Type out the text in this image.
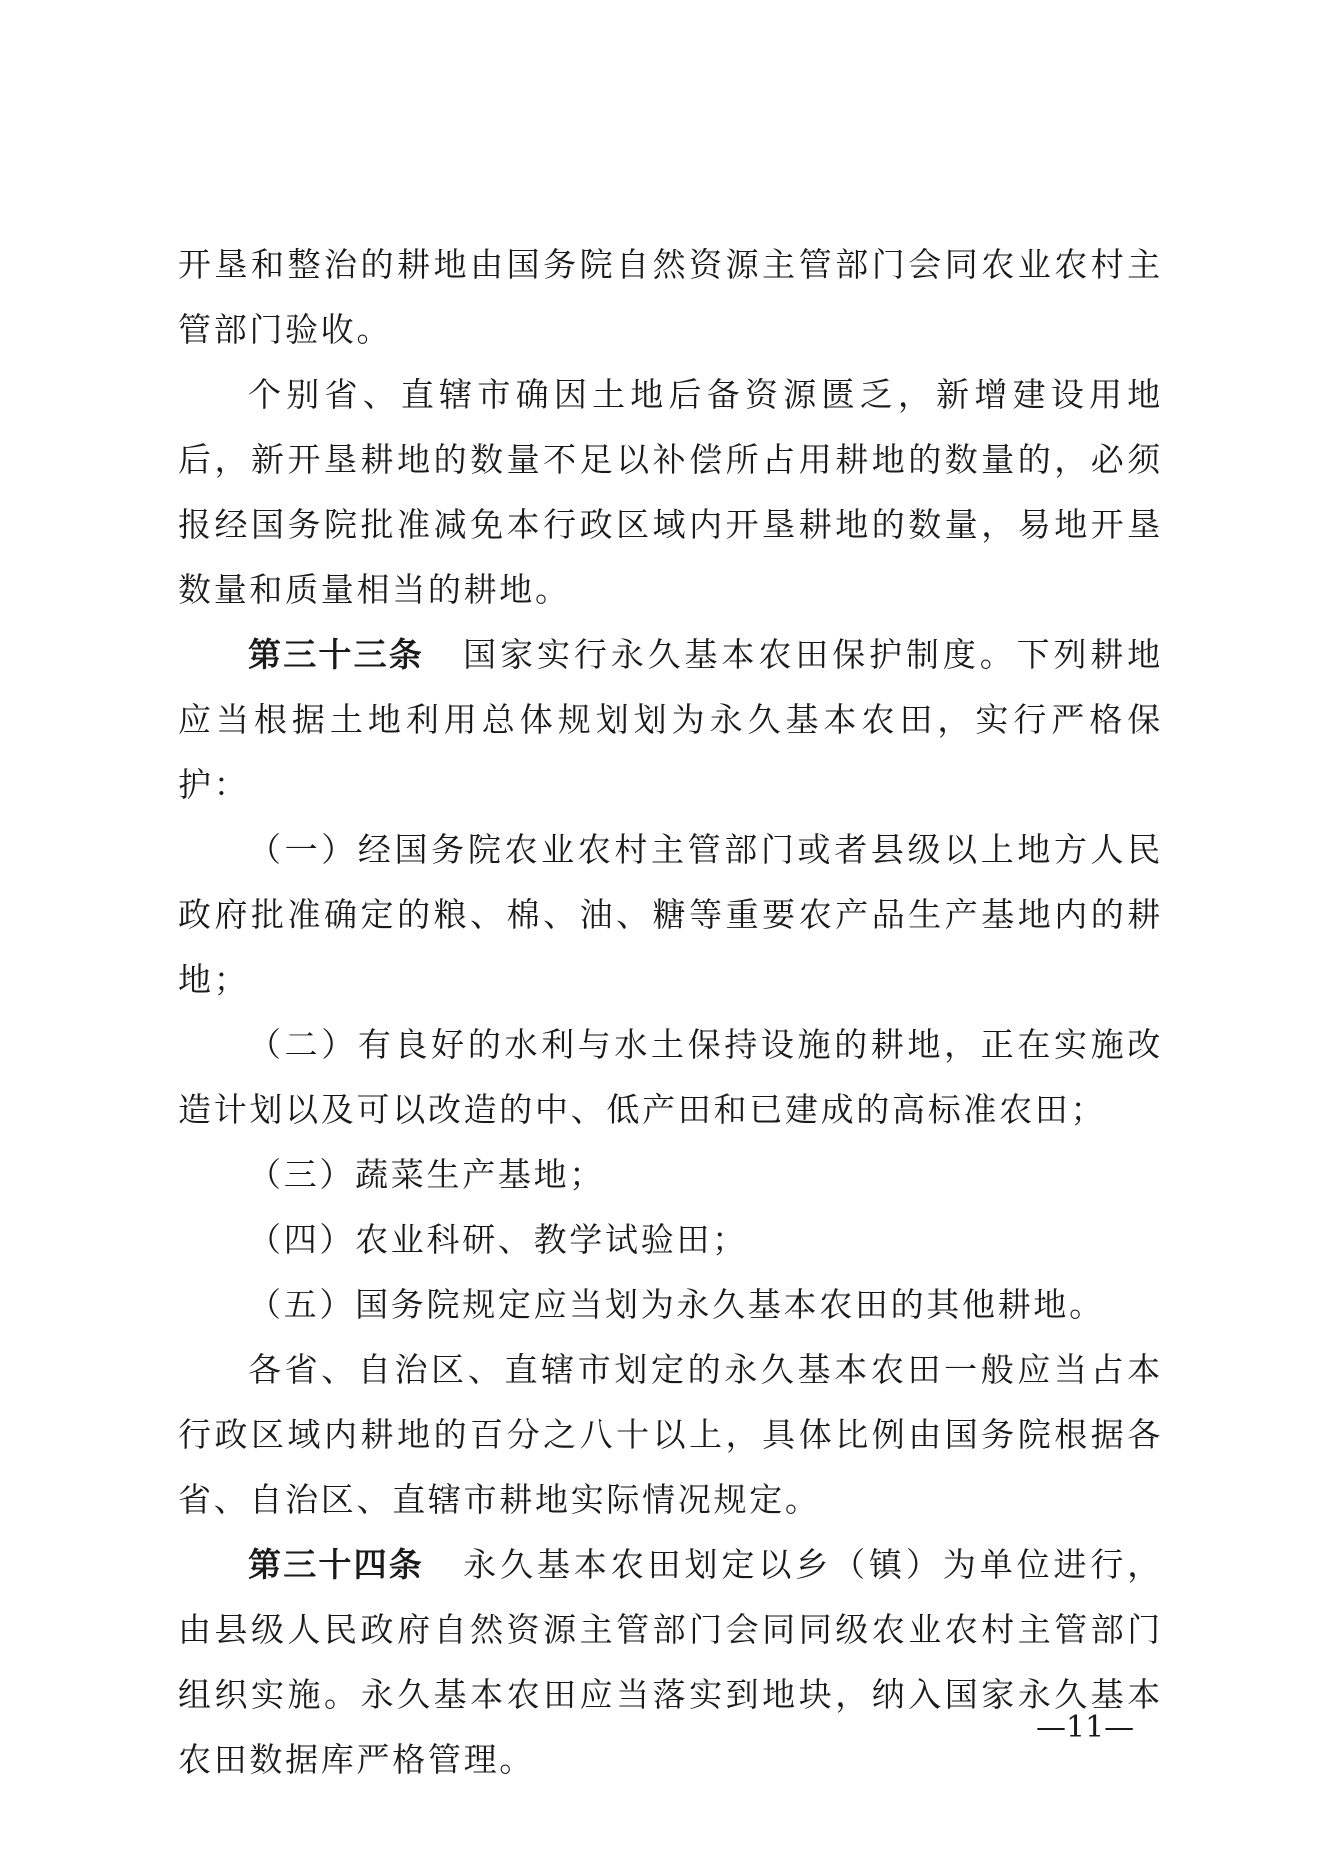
开垦和整治的耕地由国务院自然资源主管部门会同农业农村主管部门验收。

个别省、直辖市确因土地后备资源匮乏，新增建设用地后，新开垦耕地的数量不足以补偿所占用耕地的数量的，必须报经国务院批准减免本行政区域内开垦耕地的数量，易地开垦数量和质量相当的耕地。

第三十三条 国家实行永久基本农田保护制度。下列耕地应当根据土地利用总体规划划为永久基本农田，实行严格保护：

（一）经国务院农业农村主管部门或者县级以上地方人民政府批准确定的粮、棉、油、糖等重要农产品生产基地内的耕地；

（二）有良好的水利与水土保持设施的耕地，正在实施改造计划以及可以改造的中、低产田和已建成的高标准农田；

（三）蔬菜生产基地；

（四）农业科研、教学试验田；

（五）国务院规定应当划为永久基本农田的其他耕地。

各省、自治区、直辖市划定的永久基本农田一般应当占本行政区域内耕地的百分之八十以上，具体比例由国务院根据各省、自治区、直辖市耕地实际情况规定。

第三十四条 永久基本农田划定以乡（镇）为单位进行，由县级人民政府自然资源主管部门会同同级农业农村主管部门组织实施。永久基本农田应当落实到地块，纳入国家永久基本农田数据库严格管理。

—11—
